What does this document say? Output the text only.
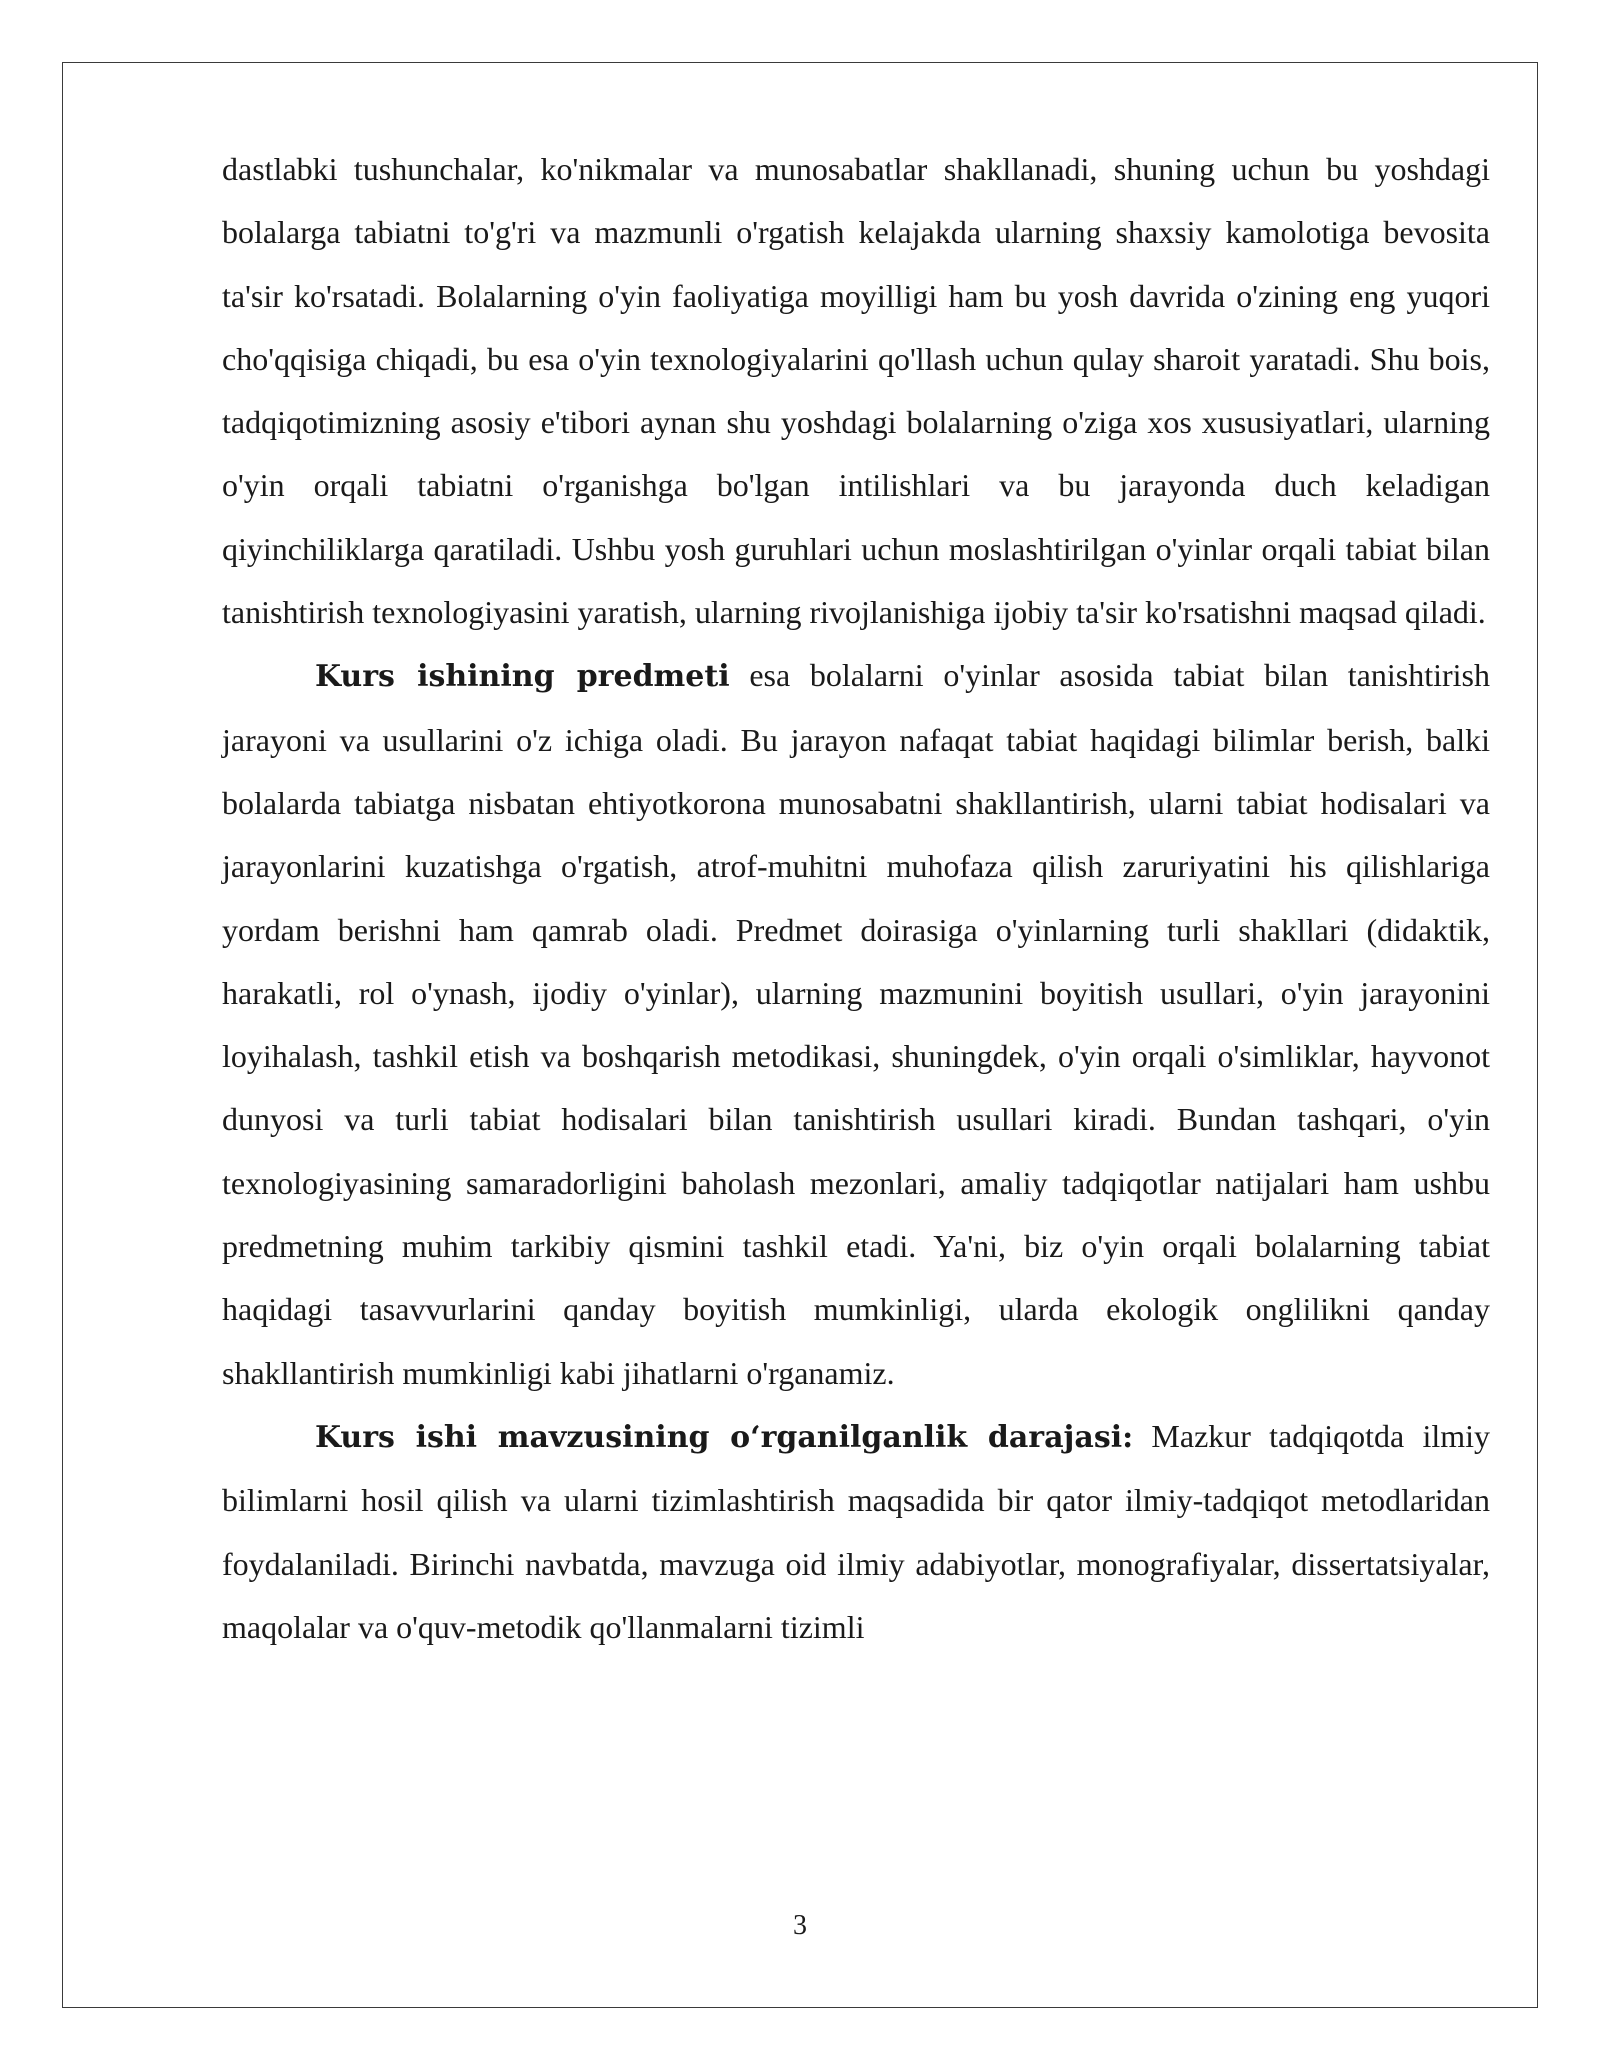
dastlabki tushunchalar, ko'nikmalar va munosabatlar shakllanadi, shuning uchun bu yoshdagi bolalarga tabiatni to'g'ri va mazmunli o'rgatish kelajakda ularning shaxsiy kamolotiga bevosita ta'sir ko'rsatadi. Bolalarning o'yin faoliyatiga moyilligi ham bu yosh davrida o'zining eng yuqori cho'qqisiga chiqadi, bu esa o'yin texnologiyalarini qo'llash uchun qulay sharoit yaratadi. Shu bois, tadqiqotimizning asosiy e'tibori aynan shu yoshdagi bolalarning o'ziga xos xususiyatlari, ularning o'yin orqali tabiatni o'rganishga bo'lgan intilishlari va bu jarayonda duch keladigan qiyinchiliklarga qaratiladi. Ushbu yosh guruhlari uchun moslashtirilgan o'yinlar orqali tabiat bilan tanishtirish texnologiyasini yaratish, ularning rivojlanishiga ijobiy ta'sir ko'rsatishni maqsad qiladi.

Kurs ishining predmeti esa bolalarni o'yinlar asosida tabiat bilan tanishtirish jarayoni va usullarini o'z ichiga oladi. Bu jarayon nafaqat tabiat haqidagi bilimlar berish, balki bolalarda tabiatga nisbatan ehtiyotkorona munosabatni shakllantirish, ularni tabiat hodisalari va jarayonlarini kuzatishga o'rgatish, atrof-muhitni muhofaza qilish zaruriyatini his qilishlariga yordam berishni ham qamrab oladi. Predmet doirasiga o'yinlarning turli shakllari (didaktik, harakatli, rol o'ynash, ijodiy o'yinlar), ularning mazmunini boyitish usullari, o'yin jarayonini loyihalash, tashkil etish va boshqarish metodikasi, shuningdek, o'yin orqali o'simliklar, hayvonot dunyosi va turli tabiat hodisalari bilan tanishtirish usullari kiradi. Bundan tashqari, o'yin texnologiyasining samaradorligini baholash mezonlari, amaliy tadqiqotlar natijalari ham ushbu predmetning muhim tarkibiy qismini tashkil etadi. Ya'ni, biz o'yin orqali bolalarning tabiat haqidagi tasavvurlarini qanday boyitish mumkinligi, ularda ekologik onglilikni qanday shakllantirish mumkinligi kabi jihatlarni o'rganamiz.

Kurs ishi mavzusining o‘rganilganlik darajasi: Mazkur tadqiqotda ilmiy bilimlarni hosil qilish va ularni tizimlashtirish maqsadida bir qator ilmiy-tadqiqot metodlaridan foydalaniladi. Birinchi navbatda, mavzuga oid ilmiy adabiyotlar, monografiyalar, dissertatsiyalar, maqolalar va o'quv-metodik qo'llanmalarni tizimli

3
